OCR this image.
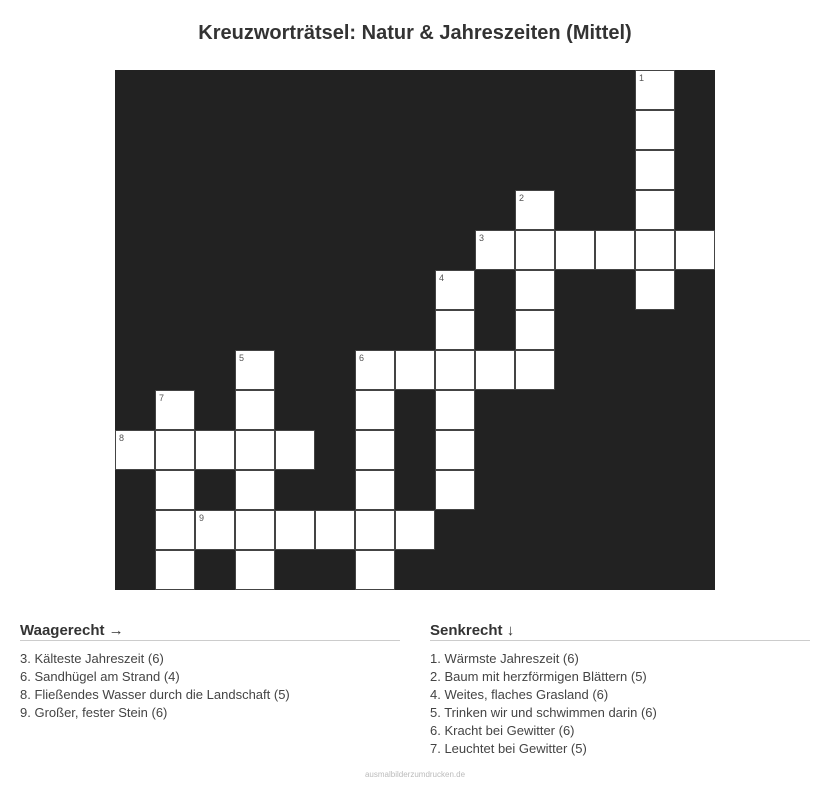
Kreuzworträtsel: Natur & Jahreszeiten (Mittel)
1
2
3
4
5	6
7
8
9
Waagerecht →
3. Kälteste Jahreszeit (6)
6. Sandhügel am Strand (4)
8. Fließendes Wasser durch die Landschaft (5)
9. Großer, fester Stein (6)
Senkrecht ↓
1. Wärmste Jahreszeit (6)
2. Baum mit herzförmigen Blättern (5)
4. Weites, flaches Grasland (6)
5. Trinken wir und schwimmen darin (6)
6. Kracht bei Gewitter (6)
7. Leuchtet bei Gewitter (5)
ausmalbilderzumdrucken.de
